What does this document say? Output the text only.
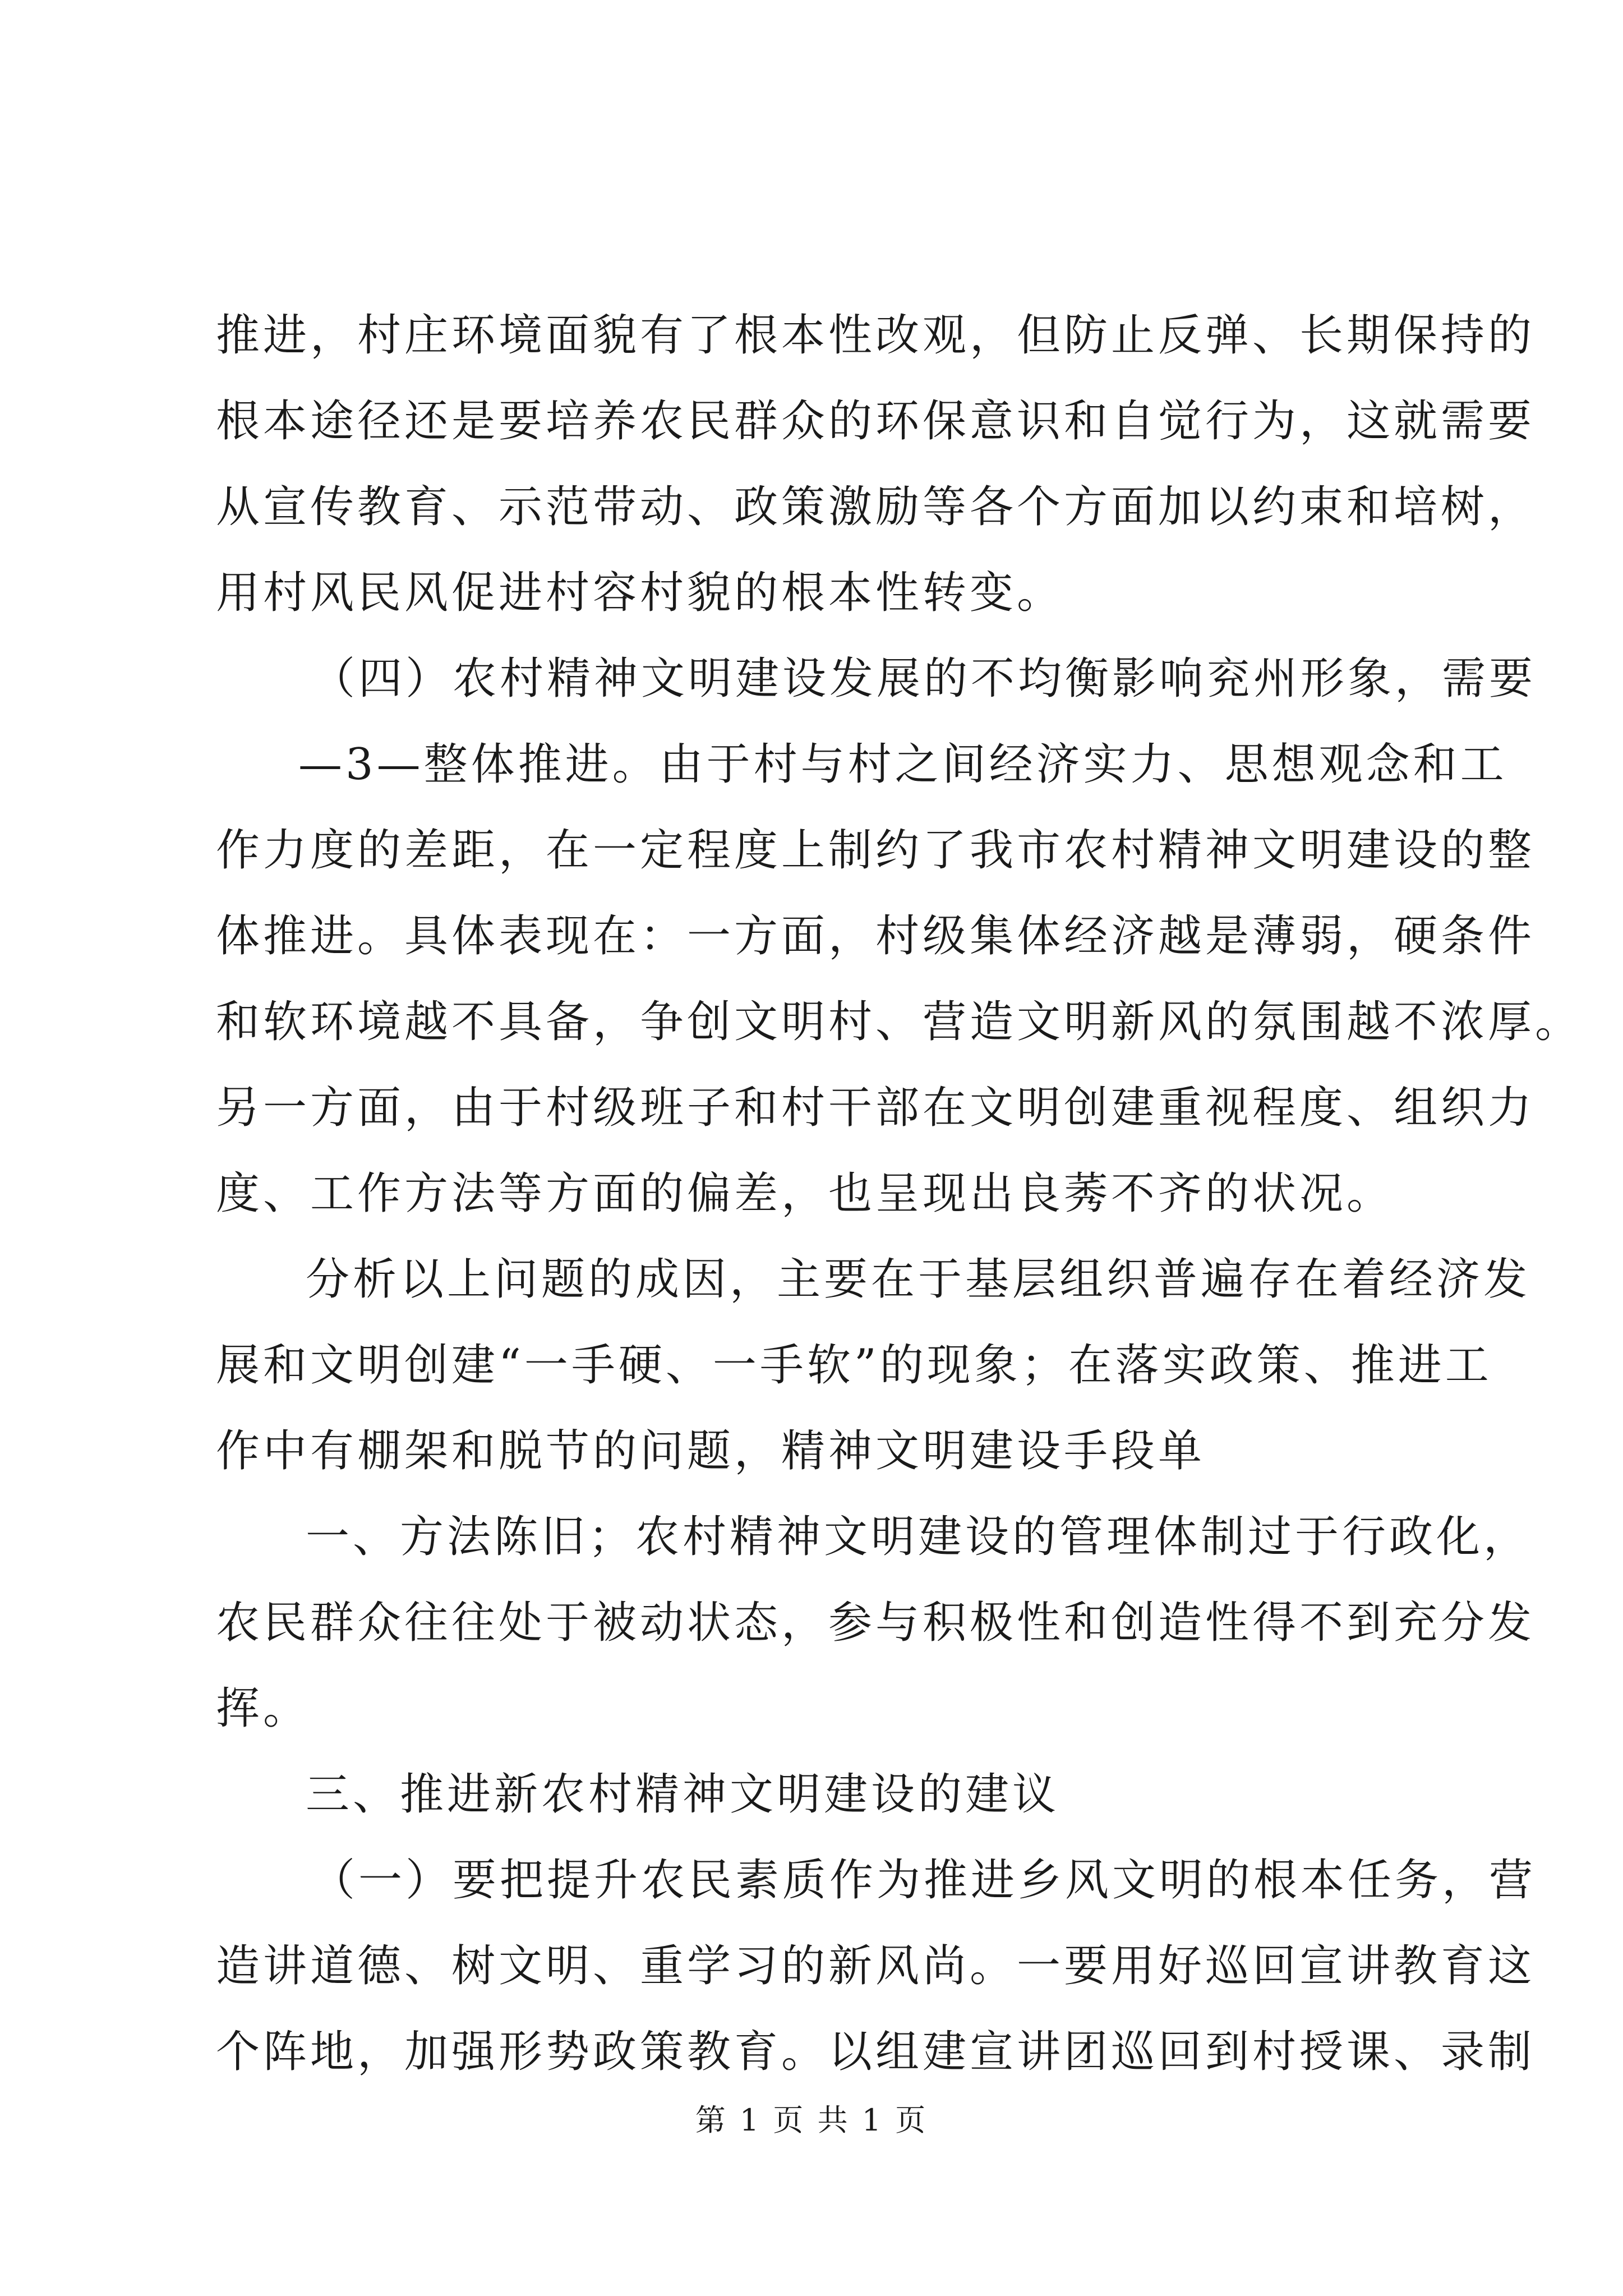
推进，村庄环境面貌有了根本性改观，但防止反弹、长期保持的
根本途径还是要培养农民群众的环保意识和自觉行为，这就需要
从宣传教育、示范带动、政策激励等各个方面加以约束和培树，
用村风民风促进村容村貌的根本性转变。
（四）农村精神文明建设发展的不均衡影响兖州形象，需要
—3—整体推进。由于村与村之间经济实力、思想观念和工
作力度的差距，在一定程度上制约了我市农村精神文明建设的整
体推进。具体表现在：一方面，村级集体经济越是薄弱，硬条件
和软环境越不具备，争创文明村、营造文明新风的氛围越不浓厚。
另一方面，由于村级班子和村干部在文明创建重视程度、组织力
度、工作方法等方面的偏差，也呈现出良莠不齐的状况。
分析以上问题的成因，主要在于基层组织普遍存在着经济发
展和文明创建“一手硬、一手软”的现象；在落实政策、推进工
作中有棚架和脱节的问题，精神文明建设手段单
一、方法陈旧；农村精神文明建设的管理体制过于行政化，
农民群众往往处于被动状态，参与积极性和创造性得不到充分发
挥。
三、推进新农村精神文明建设的建议
（一）要把提升农民素质作为推进乡风文明的根本任务，营
造讲道德、树文明、重学习的新风尚。一要用好巡回宣讲教育这
个阵地，加强形势政策教育。以组建宣讲团巡回到村授课、录制
第 1 页 共 1 页
